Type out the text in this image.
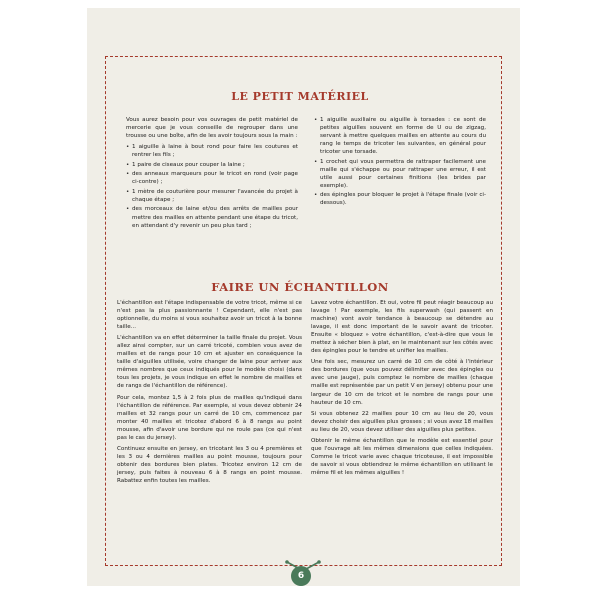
LE PETIT MATÉRIEL

Vous aurez besoin pour vos ouvrages de petit matériel de mercerie que je vous conseille de regrouper dans une trousse ou une boîte, afin de les avoir toujours sous la main :

• 1 aiguille à laine à bout rond pour faire les coutures et rentrer les fils ;
• 1 paire de ciseaux pour couper la laine ;
• des anneaux marqueurs pour le tricot en rond (voir page ci-contre) ;
• 1 mètre de couturière pour mesurer l'avancée du projet à chaque étape ;
• des morceaux de laine et/ou des arrêts de mailles pour mettre des mailles en attente pendant une étape du tricot, en attendant d'y revenir un peu plus tard ;
• 1 aiguille auxiliaire ou aiguille à torsades : ce sont de petites aiguilles souvent en forme de U ou de zigzag, servant à mettre quelques mailles en attente au cours du rang le temps de tricoter les suivantes, en général pour tricoter une torsade.
• 1 crochet qui vous permettra de rattraper facilement une maille qui s'échappe ou pour rattraper une erreur, il est utile aussi pour certaines finitions (les brides par exemple).
• des épingles pour bloquer le projet à l'étape finale (voir ci-dessous).
FAIRE UN ÉCHANTILLON

L'échantillon est l'étape indispensable de votre tricot, même si ce n'est pas la plus passionnante ! Cependant, elle n'est pas optionnelle, du moins si vous souhaitez avoir un tricot à la bonne taille...

L'échantillon va en effet déterminer la taille finale du projet. Vous allez ainsi compter, sur un carré tricoté, combien vous avez de mailles et de rangs pour 10 cm et ajuster en conséquence la taille d'aiguilles utilisée, voire changer de laine pour arriver aux mêmes nombres que ceux indiqués pour le modèle choisi (dans tous les projets, je vous indique en effet le nombre de mailles et de rangs de l'échantillon de référence).

Pour cela, montez 1,5 à 2 fois plus de mailles qu'indiqué dans l'échantillon de référence. Par exemple, si vous devez obtenir 24 mailles et 32 rangs pour un carré de 10 cm, commencez par monter 40 mailles et tricotez d'abord 6 à 8 rangs au point mousse, afin d'avoir une bordure qui ne roule pas (ce qui n'est pas le cas du jersey).

Continuez ensuite en jersey, en tricotant les 3 ou 4 premières et les 3 ou 4 dernières mailles au point mousse, toujours pour obtenir des bordures bien plates. Tricotez environ 12 cm de jersey, puis faites à nouveau 6 à 8 rangs en point mousse. Rabattez enfin toutes les mailles.

Lavez votre échantillon. Et oui, votre fil peut réagir beaucoup au lavage ! Par exemple, les fils superwash (qui passent en machine) vont avoir tendance à beaucoup se détendre au lavage, il est donc important de le savoir avant de tricoter. Ensuite « bloquez » votre échantillon, c'est-à-dire que vous le mettez à sécher bien à plat, en le maintenant sur les côtés avec des épingles pour le tendre et unifier les mailles.

Une fois sec, mesurez un carré de 10 cm de côté à l'intérieur des bordures (que vous pouvez délimiter avec des épingles ou avec une jauge), puis comptez le nombre de mailles (chaque maille est représentée par un petit V en jersey) obtenu pour une largeur de 10 cm de tricot et le nombre de rangs pour une hauteur de 10 cm.

Si vous obtenez 22 mailles pour 10 cm au lieu de 20, vous devez choisir des aiguilles plus grosses ; si vous avez 18 mailles au lieu de 20, vous devez utiliser des aiguilles plus petites.

Obtenir le même échantillon que le modèle est essentiel pour que l'ouvrage ait les mêmes dimensions que celles indiquées. Comme le tricot varie avec chaque tricoteuse, il est impossible de savoir si vous obtiendrez le même échantillon en utilisant le même fil et les mêmes aiguilles !

6
